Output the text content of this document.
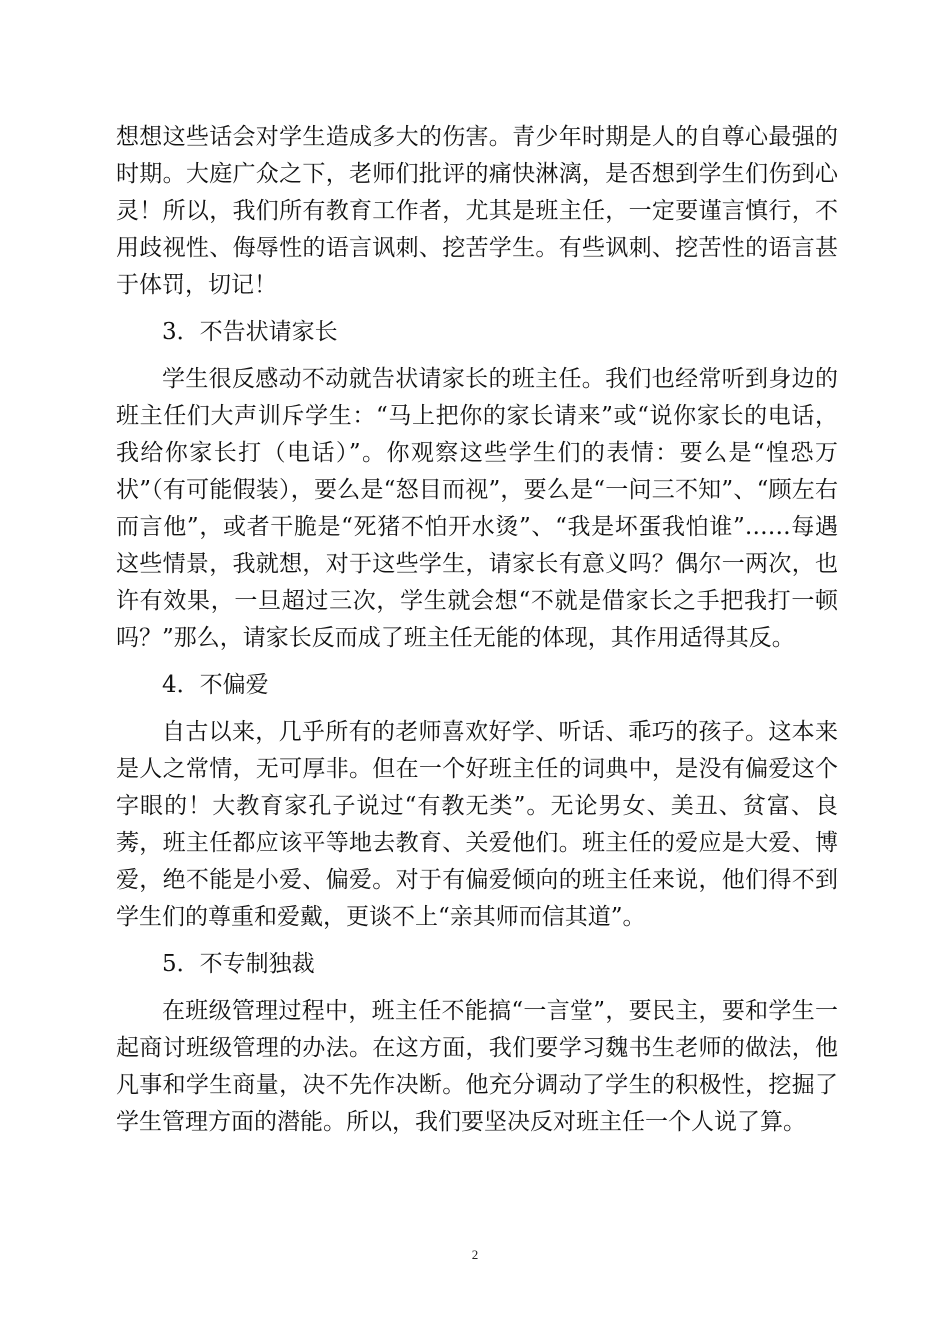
想想这些话会对学生造成多大的伤害。青少年时期是人的自尊心最强的时期。大庭广众之下，老师们批评的痛快淋漓，是否想到学生们伤到心灵！所以，我们所有教育工作者，尤其是班主任，一定要谨言慎行，不用歧视性、侮辱性的语言讽刺、挖苦学生。有些讽刺、挖苦性的语言甚于体罚，切记！

3．不告状请家长

学生很反感动不动就告状请家长的班主任。我们也经常听到身边的班主任们大声训斥学生：“马上把你的家长请来”或“说你家长的电话，我给你家长打（电话）”。你观察这些学生们的表情：要么是“惶恐万状”（有可能假装），要么是“怒目而视”，要么是“一问三不知”、“顾左右而言他”，或者干脆是“死猪不怕开水烫”、“我是坏蛋我怕谁”……每遇这些情景，我就想，对于这些学生，请家长有意义吗？偶尔一两次，也许有效果，一旦超过三次，学生就会想“不就是借家长之手把我打一顿吗？”那么，请家长反而成了班主任无能的体现，其作用适得其反。

4．不偏爱

自古以来，几乎所有的老师喜欢好学、听话、乖巧的孩子。这本来是人之常情，无可厚非。但在一个好班主任的词典中，是没有偏爱这个字眼的！大教育家孔子说过“有教无类”。无论男女、美丑、贫富、良莠，班主任都应该平等地去教育、关爱他们。班主任的爱应是大爱、博爱，绝不能是小爱、偏爱。对于有偏爱倾向的班主任来说，他们得不到学生们的尊重和爱戴，更谈不上“亲其师而信其道”。

5．不专制独裁

在班级管理过程中，班主任不能搞“一言堂”，要民主，要和学生一起商讨班级管理的办法。在这方面，我们要学习魏书生老师的做法，他凡事和学生商量，决不先作决断。他充分调动了学生的积极性，挖掘了学生管理方面的潜能。所以，我们要坚决反对班主任一个人说了算。

2
